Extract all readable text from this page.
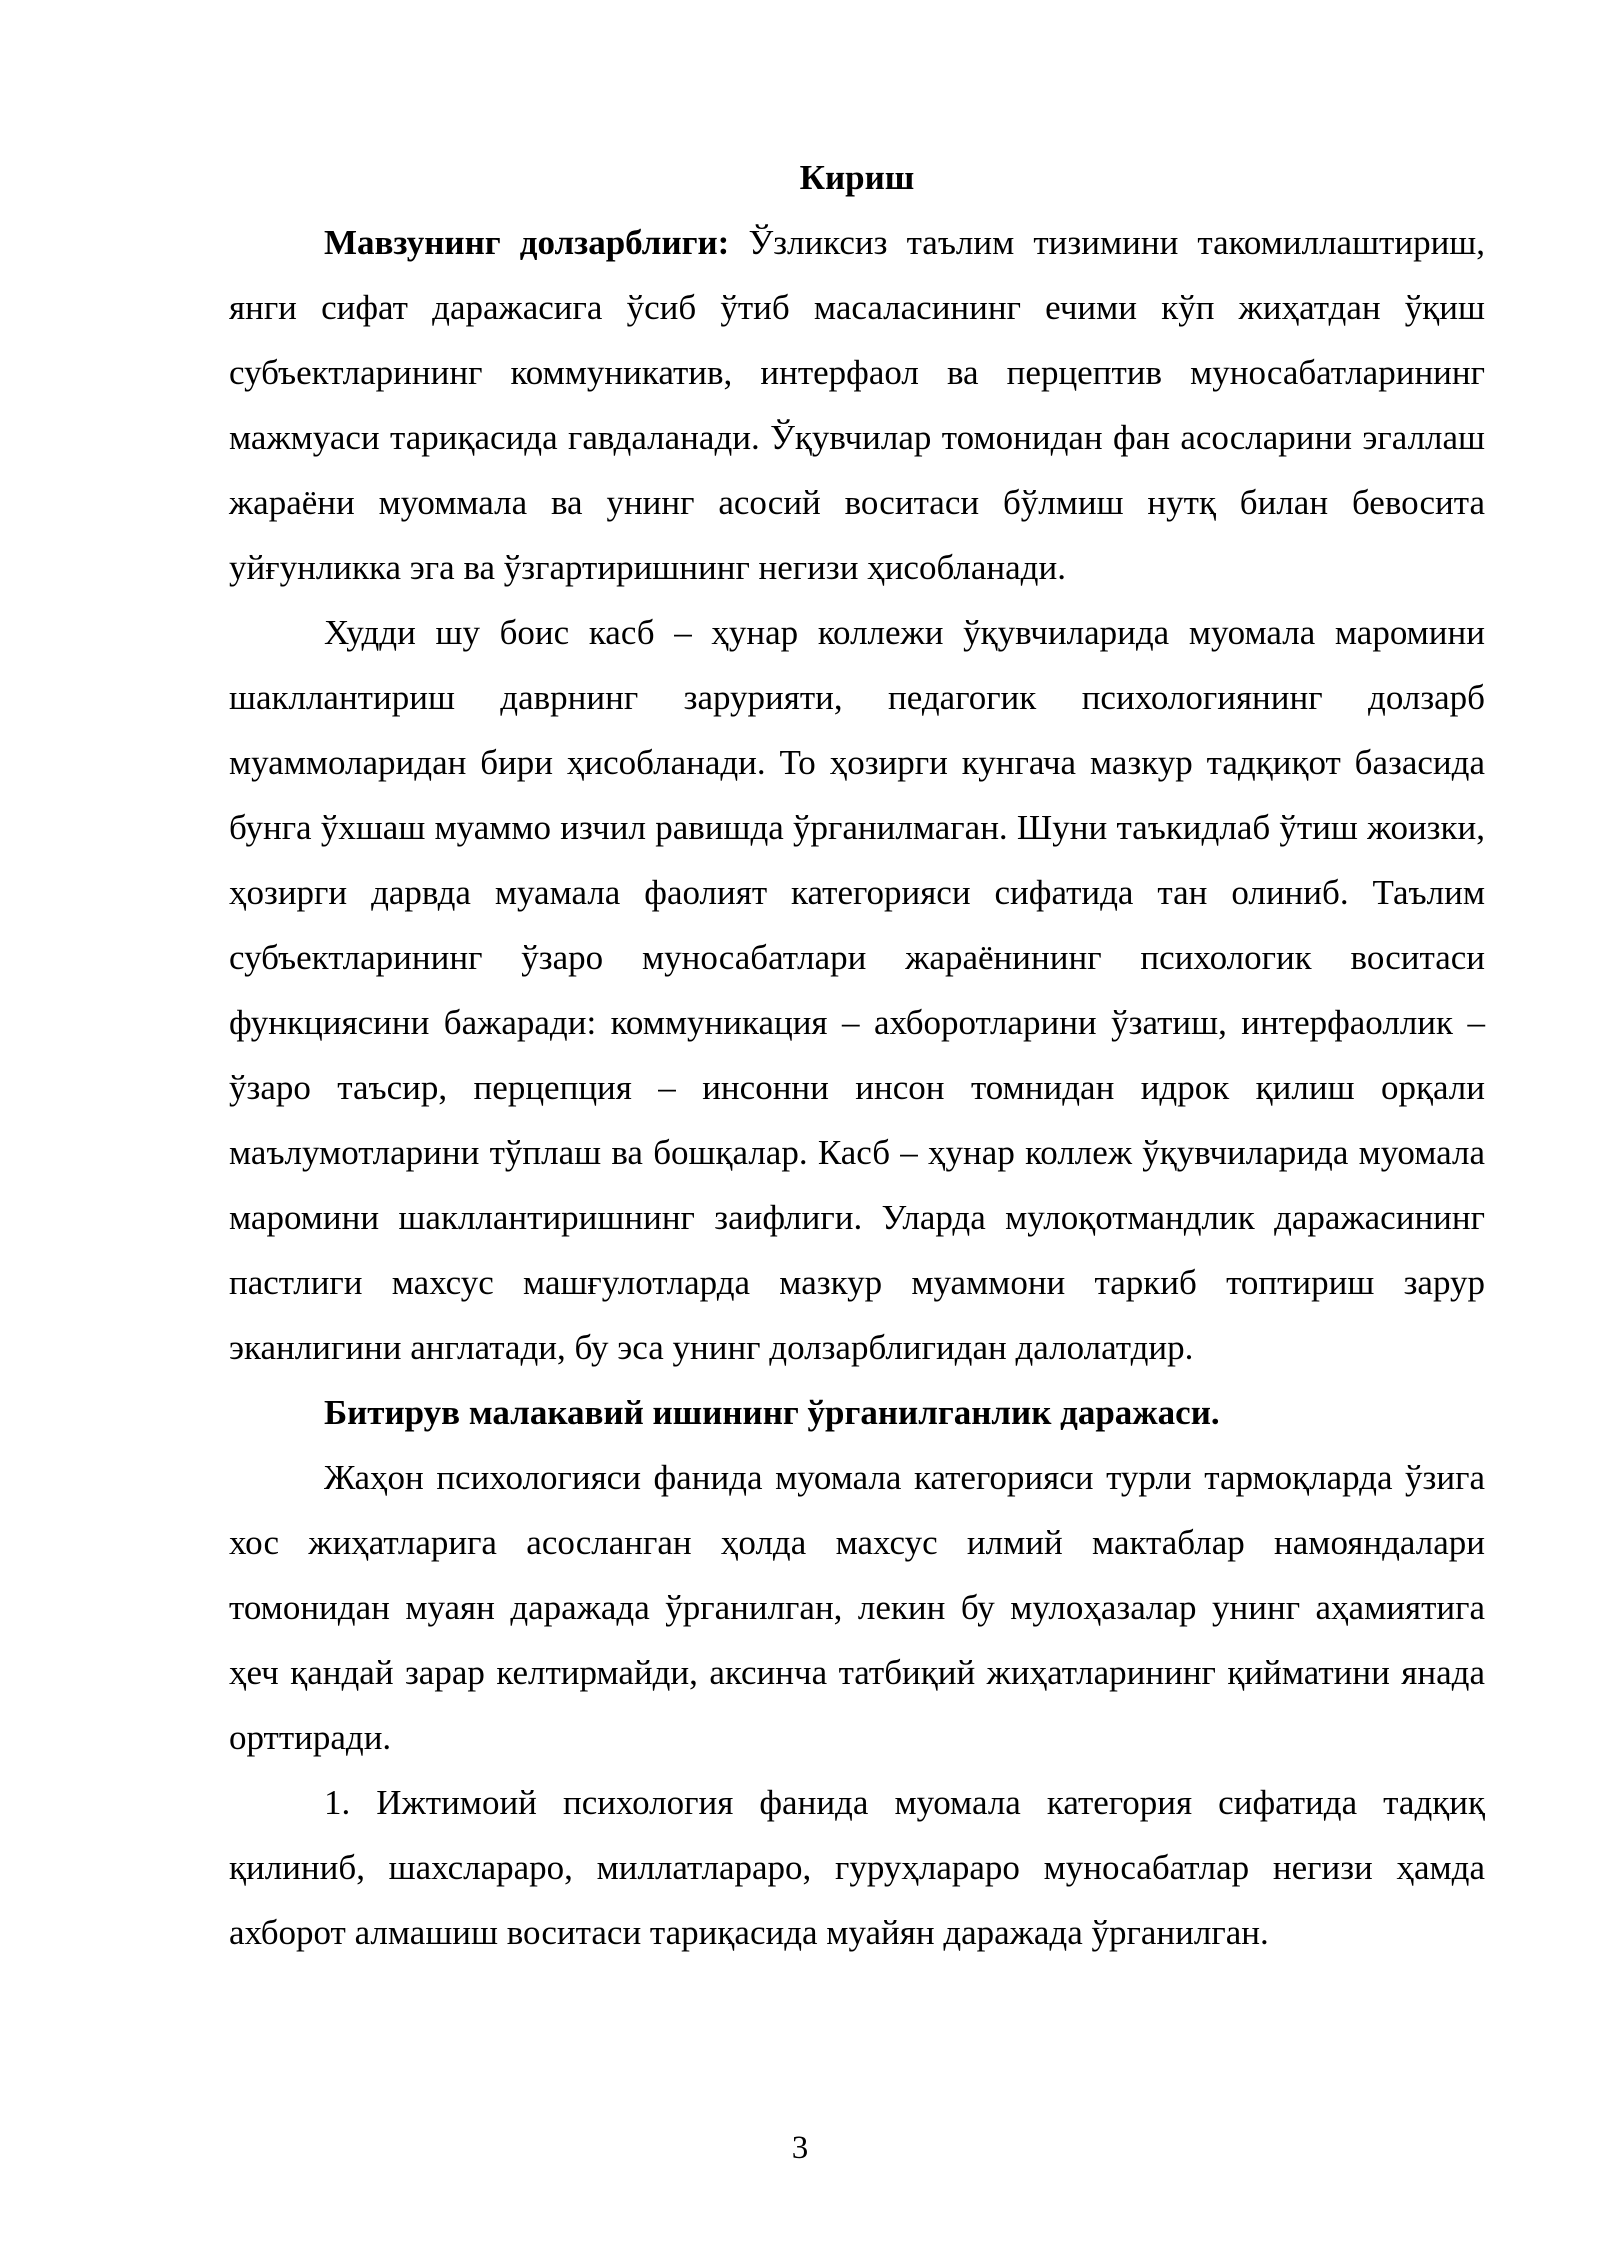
Кириш

Мавзунинг долзарблиги: Ўзликсиз таълим тизимини такомиллаштириш, янги сифат даражасига ўсиб ўтиб масаласининг ечими кўп жиҳатдан ўқиш субъектларининг коммуникатив, интерфаол ва перцептив муносабатларининг мажмуаси тариқасида гавдаланади. Ўқувчилар томонидан фан асосларини эгаллаш жараёни муоммала ва унинг асосий воситаси бўлмиш нутқ билан бевосита уйғунликка эга ва ўзгартиришнинг негизи ҳисобланади.

Худди шу боис касб – ҳунар коллежи ўқувчиларида муомала маромини шакллантириш даврнинг зарурияти, педагогик психологиянинг долзарб муаммоларидан бири ҳисобланади. То ҳозирги кунгача мазкур тадқиқот базасида бунга ўхшаш муаммо изчил равишда ўрганилмаган. Шуни таъкидлаб ўтиш жоизки, ҳозирги дарвда муамала фаолият категорияси сифатида тан олиниб. Таълим субъектларининг ўзаро муносабатлари жараёнининг психологик воситаси функциясини бажаради: коммуникация – ахборотларини ўзатиш, интерфаоллик – ўзаро таъсир, перцепция – инсонни инсон томнидан идрок қилиш орқали маълумотларини тўплаш ва бошқалар. Касб – ҳунар коллеж ўқувчиларида муомала маромини шакллантиришнинг заифлиги. Уларда мулоқотмандлик даражасининг пастлиги махсус машғулотларда мазкур муаммони таркиб топтириш зарур эканлигини англатади, бу эса унинг долзарблигидан далолатдир.

Битирув малакавий ишининг ўрганилганлик даражаси.

Жаҳон психологияси фанида муомала категорияси турли тармоқларда ўзига хос жиҳатларига асосланган ҳолда махсус илмий мактаблар намояндалари томонидан муаян даражада ўрганилган, лекин бу мулоҳазалар унинг аҳамиятига ҳеч қандай зарар келтирмайди, аксинча татбиқий жиҳатларининг қийматини янада орттиради.

1. Ижтимоий психология фанида муомала категория сифатида тадқиқ қилиниб, шахслараро, миллатлараро, гуруҳлараро муносабатлар негизи ҳамда ахборот алмашиш воситаси тариқасида муайян даражада ўрганилган.

3
